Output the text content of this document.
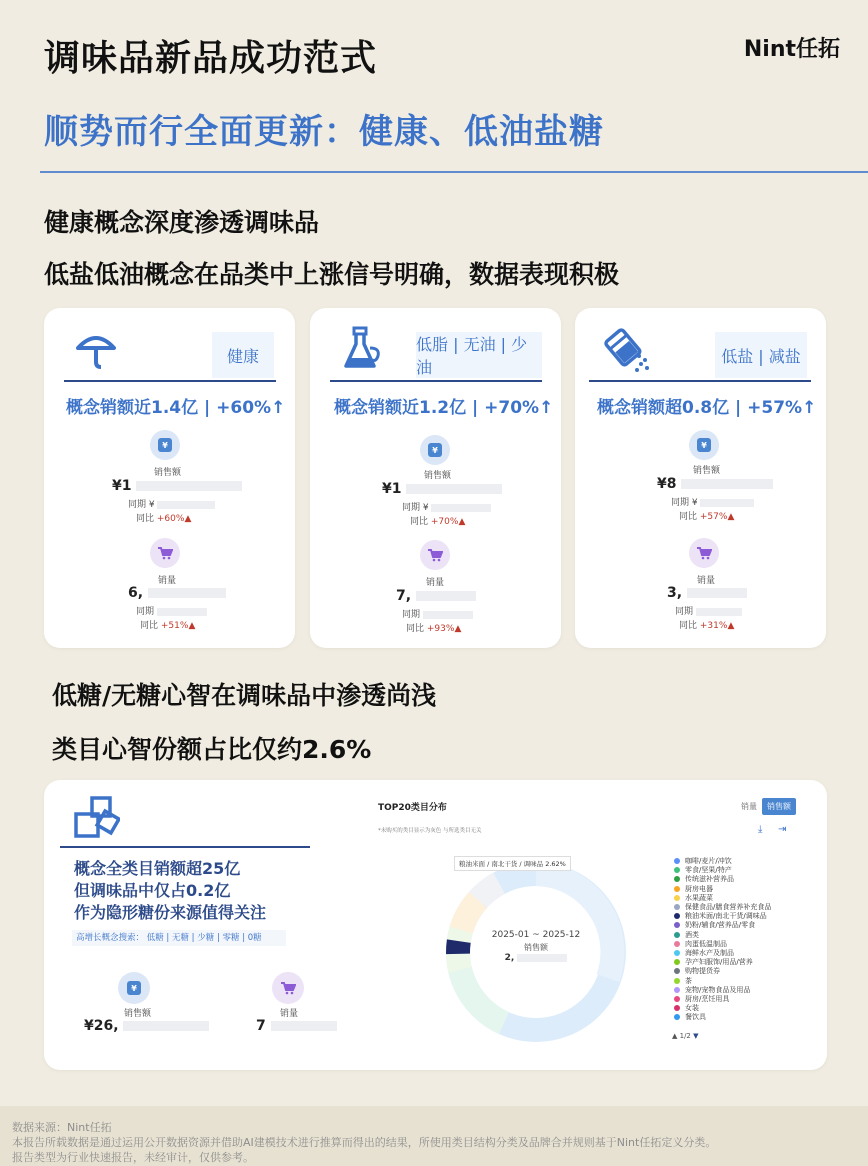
调味品新品成功范式	Nint任拓
顺势而行全面更新：健康、低油盐糖
健康概念深度渗透调味品
低盐低油概念在品类中上涨信号明确，数据表现积极
健康
概念销额近1.4亿 | +60%↑
¥
销售额
¥1
同期 ¥
同比 +60%▲
销量
6,
同期
同比 +51%▲
低脂 | 无油 | 少油
概念销额近1.2亿 | +70%↑
¥
销售额
¥1
同期 ¥
同比 +70%▲
销量
7,
同期
同比 +93%▲
低盐 | 减盐
概念销额超0.8亿 | +57%↑
¥
销售额
¥8
同期 ¥
同比 +57%▲
销量
3,
同期
同比 +31%▲
低糖/无糖心智在调味品中渗透尚浅
类目心智份额占比仅约2.6%
概念全类目销额超25亿
但调味品中仅占0.2亿
作为隐形糖份来源值得关注
高增长概念搜索： 低糖 | 无糖 | 少糖 | 零糖 | 0糖
¥
销售额
¥26,
销量
7
TOP20类目分布
*未购买的类目显示为灰色 与所选类目无关
销量	销售额
⤓ ⇥
粮油米面 / 南北干货 / 调味品 2.62%
2025-01 ~ 2025-12
销售额
2,
咖啡/麦片/冲饮
零食/坚果/特产
传统滋补营养品
厨房电器
水果蔬菜
保健食品/膳食营养补充食品
粮油米面/南北干货/调味品
奶粉/辅食/营养品/零食
酒类
肉蛋低温制品
海鲜水产及制品
孕产妇服饰/用品/营养
购物提货券
茶
宠物/宠物食品及用品
厨房/烹饪用具
女装
餐饮具
▲ 1/2 ▼
数据来源：Nint任拓
本报告所载数据是通过运用公开数据资源并借助AI建模技术进行推算而得出的结果，所使用类目结构分类及品牌合并规则基于Nint任拓定义分类。
报告类型为行业快速报告，未经审计，仅供参考。
